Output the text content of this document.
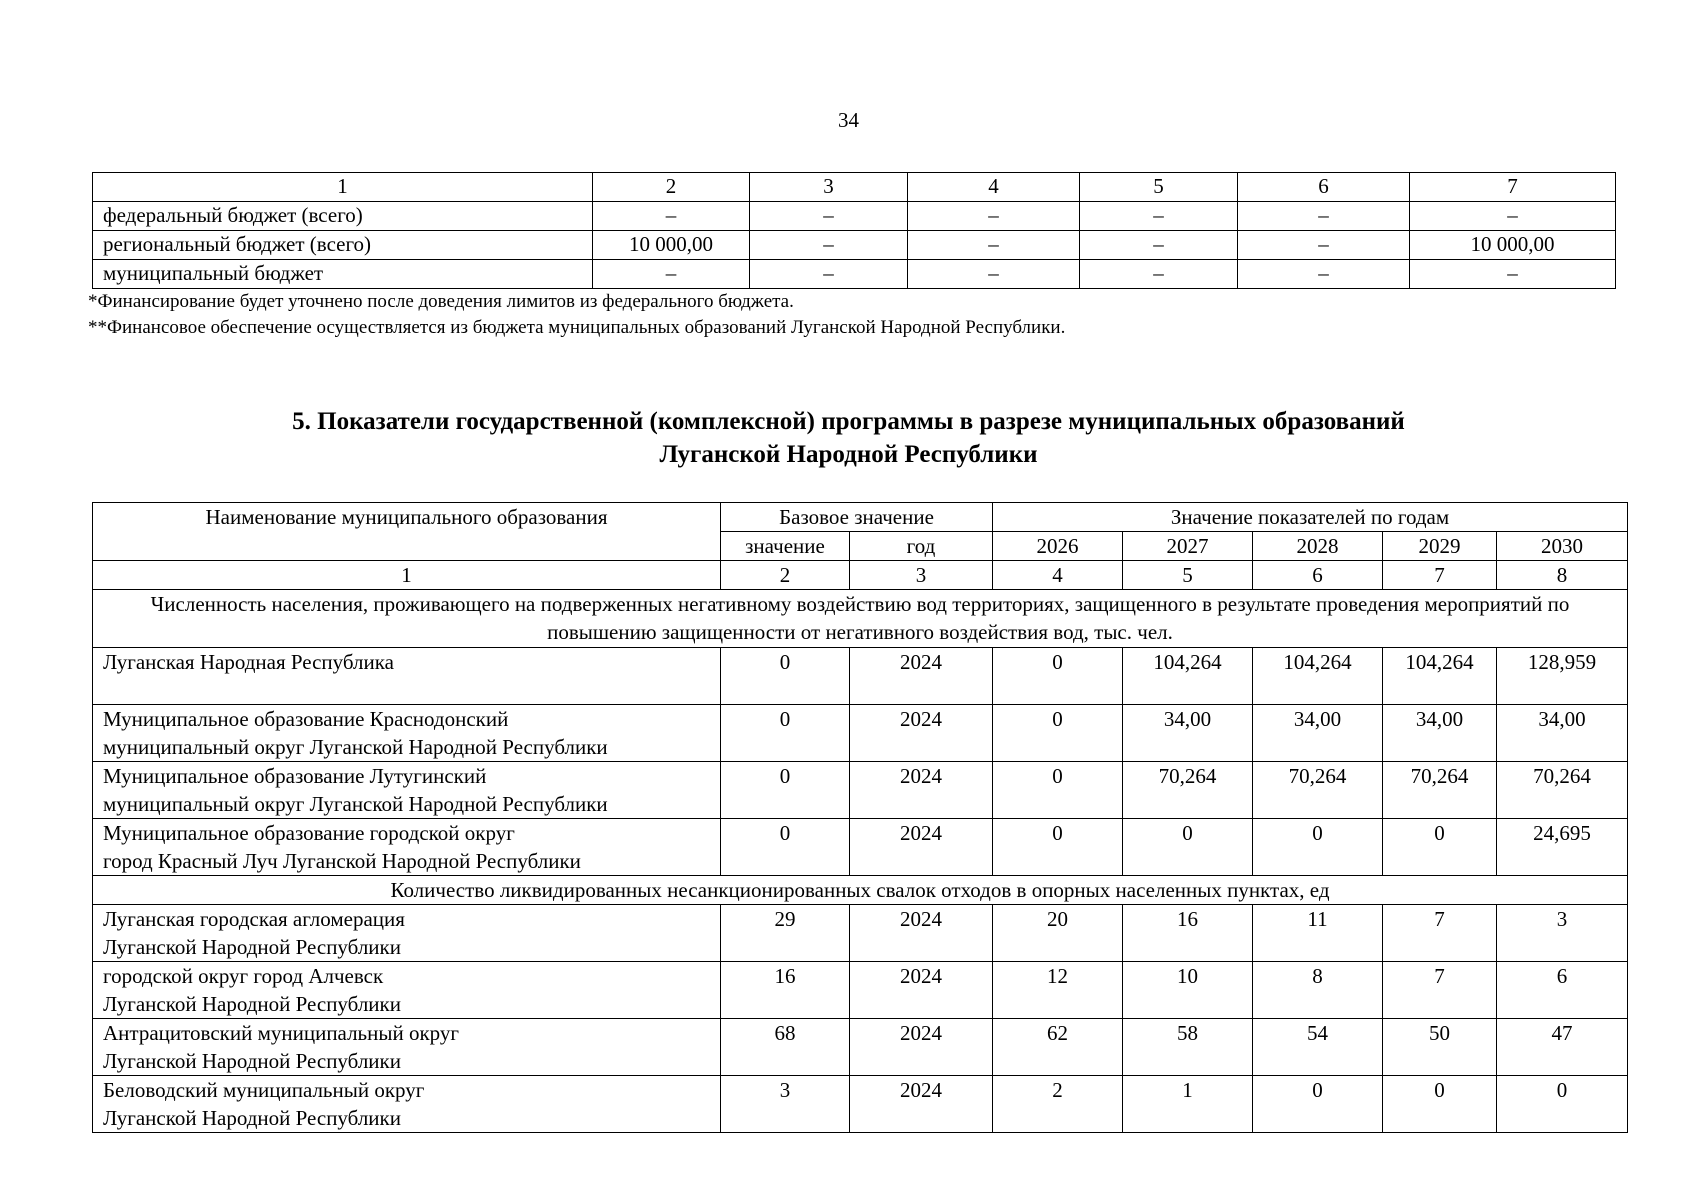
34
1	2	3	4	5	6	7
федеральный бюджет (всего)	–	–	–	–	–	–
региональный бюджет (всего)	10 000,00	–	–	–	–	10 000,00
муниципальный бюджет	–	–	–	–	–	–
*Финансирование будет уточнено после доведения лимитов из федерального бюджета.
**Финансовое обеспечение осуществляется из бюджета муниципальных образований Луганской Народной Республики.
5. Показатели государственной (комплексной) программы в разрезе муниципальных образований
Луганской Народной Республики
Наименование муниципального образования	Базовое значение		Значение показателей по годам				
	значение	год	2026	2027	2028	2029	2030
1	2	3	4	5	6	7	8
Численность населения, проживающего на подверженных негативному воздействию вод территориях, защищенного в результате проведения мероприятий по повышению защищенности от негативного воздействия вод, тыс. чел.							

Луганская Народная Республика	0	2024	0	104,264	104,264	104,264	128,959

Муниципальное образование Краснодонский
муниципальный округ Луганской Народной Республики	0	2024	0	34,00	34,00	34,00	34,00

Муниципальное образование Лутугинский
муниципальный округ Луганской Народной Республики	0	2024	0	70,264	70,264	70,264	70,264

Муниципальное образование городской округ
город Красный Луч Луганской Народной Республики	0	2024	0	0	0	0	24,695
Количество ликвидированных несанкционированных свалок отходов в опорных населенных пунктах, ед							

Луганская городская агломерация
Луганской Народной Республики	29	2024	20	16	11	7	3

городской округ город Алчевск
Луганской Народной Республики	16	2024	12	10	8	7	6

Антрацитовский муниципальный округ
Луганской Народной Республики	68	2024	62	58	54	50	47

Беловодский муниципальный округ
Луганской Народной Республики	3	2024	2	1	0	0	0
